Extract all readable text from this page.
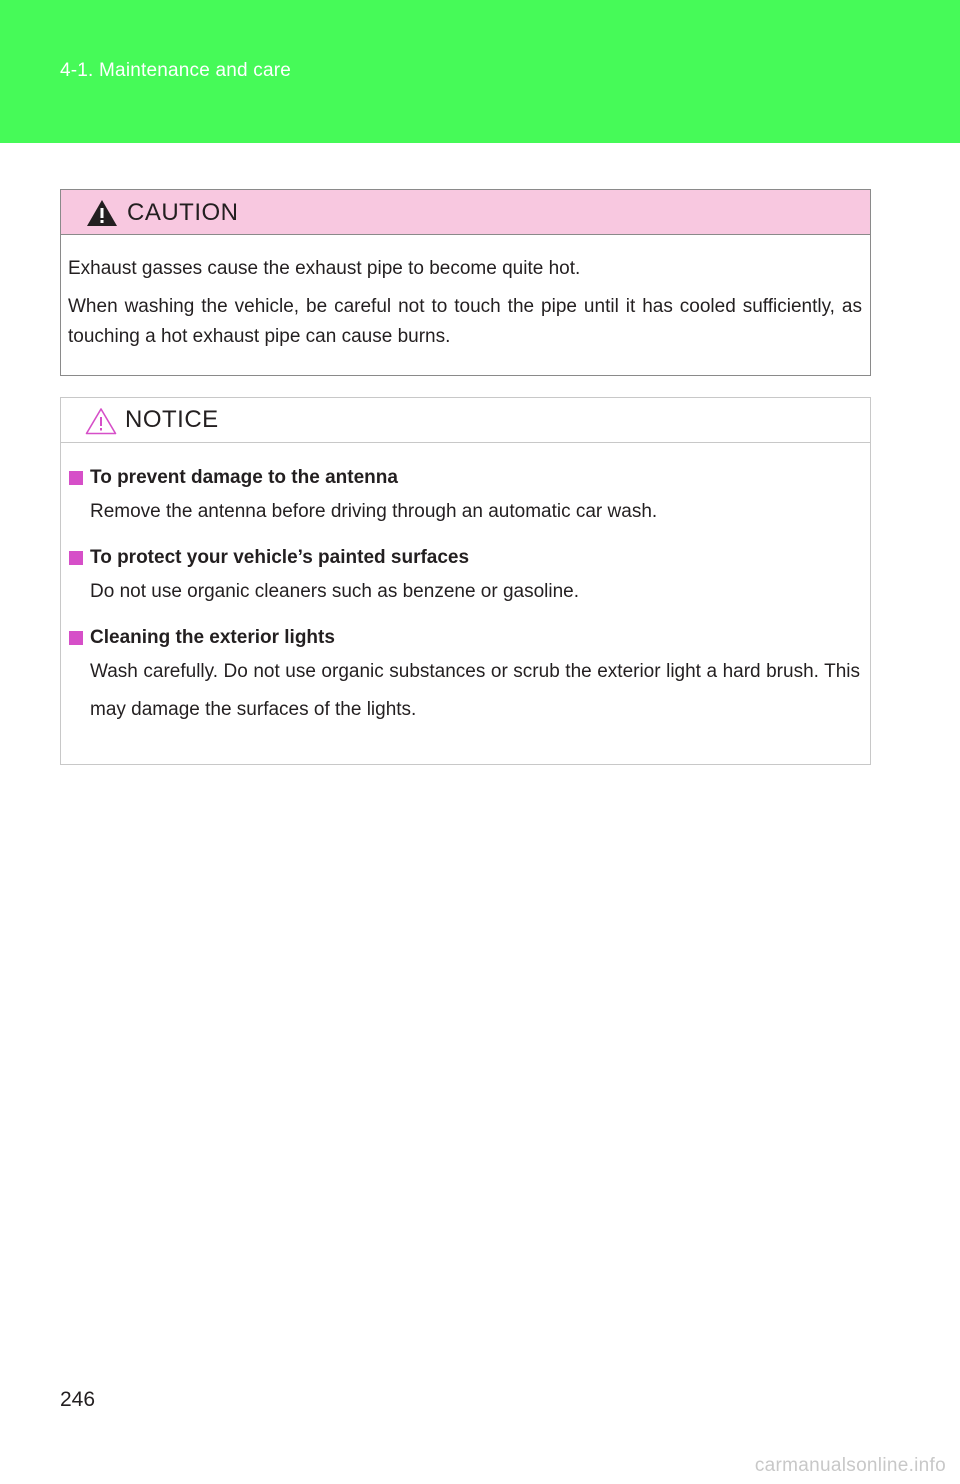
4-1. Maintenance and care
CAUTION

Exhaust gasses cause the exhaust pipe to become quite hot.

When washing the vehicle, be careful not to touch the pipe until it has cooled sufficiently, as touching a hot exhaust pipe can cause burns.

NOTICE
To prevent damage to the antenna
Remove the antenna before driving through an automatic car wash.
To protect your vehicle’s painted surfaces
Do not use organic cleaners such as benzene or gasoline.
Cleaning the exterior lights
Wash carefully. Do not use organic substances or scrub the exterior light a hard brush. This may damage the surfaces of the lights.
246
carmanualsonline.info
